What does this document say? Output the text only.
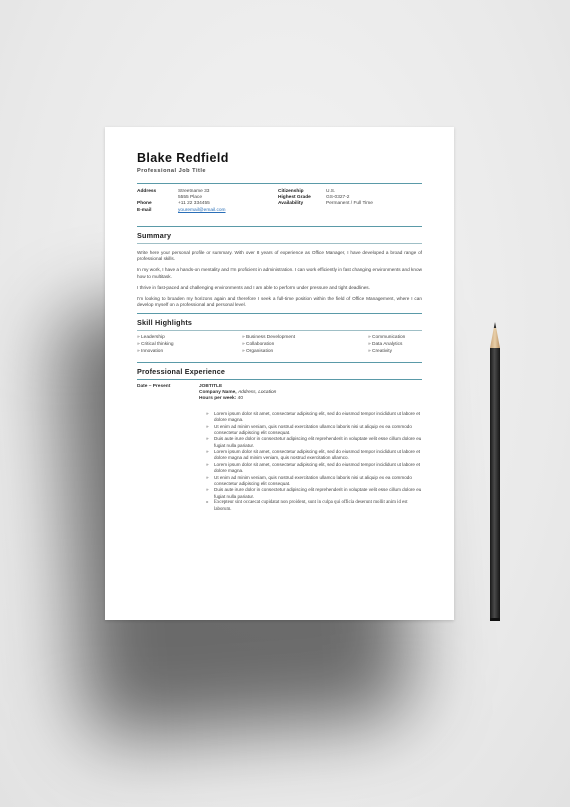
Blake Redfield
Professional Job Title
Address
Phone
E-mail
Streetname 33
5555 Place
+11 22 334455
youremail@email.com
Citizenship
Highest Grade
Availability
U.S.
GS-0327-2
Permanent / Full Time
Summary

Write here your personal profile or summary. With over 8 years of experience as Office Manager, I have developed a broad range of professional skills.

In my work, I have a hands-on mentality and I'm proficient in administration. I can work efficiently in fast changing environments and know how to multitask.

I thrive in fast-paced and challenging environments and I am able to perform under pressure and tight deadlines.

I'm looking to broaden my horizons again and therefore I seek a full-time position within the field of Office Management, where I can develop myself on a professional and personal level.

Skill Highlights
» Leadership
» Critical thinking
» Innovation
» Business Development
» Collaboration
» Organisation
» Communication
» Data Analytics
» Creativity
Professional Experience
Date – Present	JOBTITLE
Company Name, Address, Location
Hours per week: 40
» Lorem ipsum dolor sit amet, consectetur adipiscing elit, sed do eiusmod tempor incididunt ut labore et dolore magna.
» Ut enim ad minim veniam, quis nostrud exercitation ullamco laboris nisi ut aliquip ex ea commodo consectetur adipiscing elit consequat.
» Duis aute irure dolor in consectetur adipiscing elit reprehenderit in voluptate velit esse cillum dolore eu fugiat nulla pariatur.
» Lorem ipsum dolor sit amet, consectetur adipiscing elit, sed do eiusmod tempor incididunt ut labore et dolore magna ad minim veniam, quis nostrud exercitation ullamco.
» Lorem ipsum dolor sit amet, consectetur adipiscing elit, sed do eiusmod tempor incididunt ut labore et dolore magna.
» Ut enim ad minim veniam, quis nostrud exercitation ullamco laboris nisi ut aliquip ex ea commodo consectetur adipiscing elit consequat.
» Duis aute irure dolor in consectetur adipiscing elit reprehenderit in voluptate velit esse cillum dolore eu fugiat nulla pariatur.
» Excepteur sint occaecat cupidatat non proident, sunt in culpa qui officia deserunt mollit anim id est laborum.
